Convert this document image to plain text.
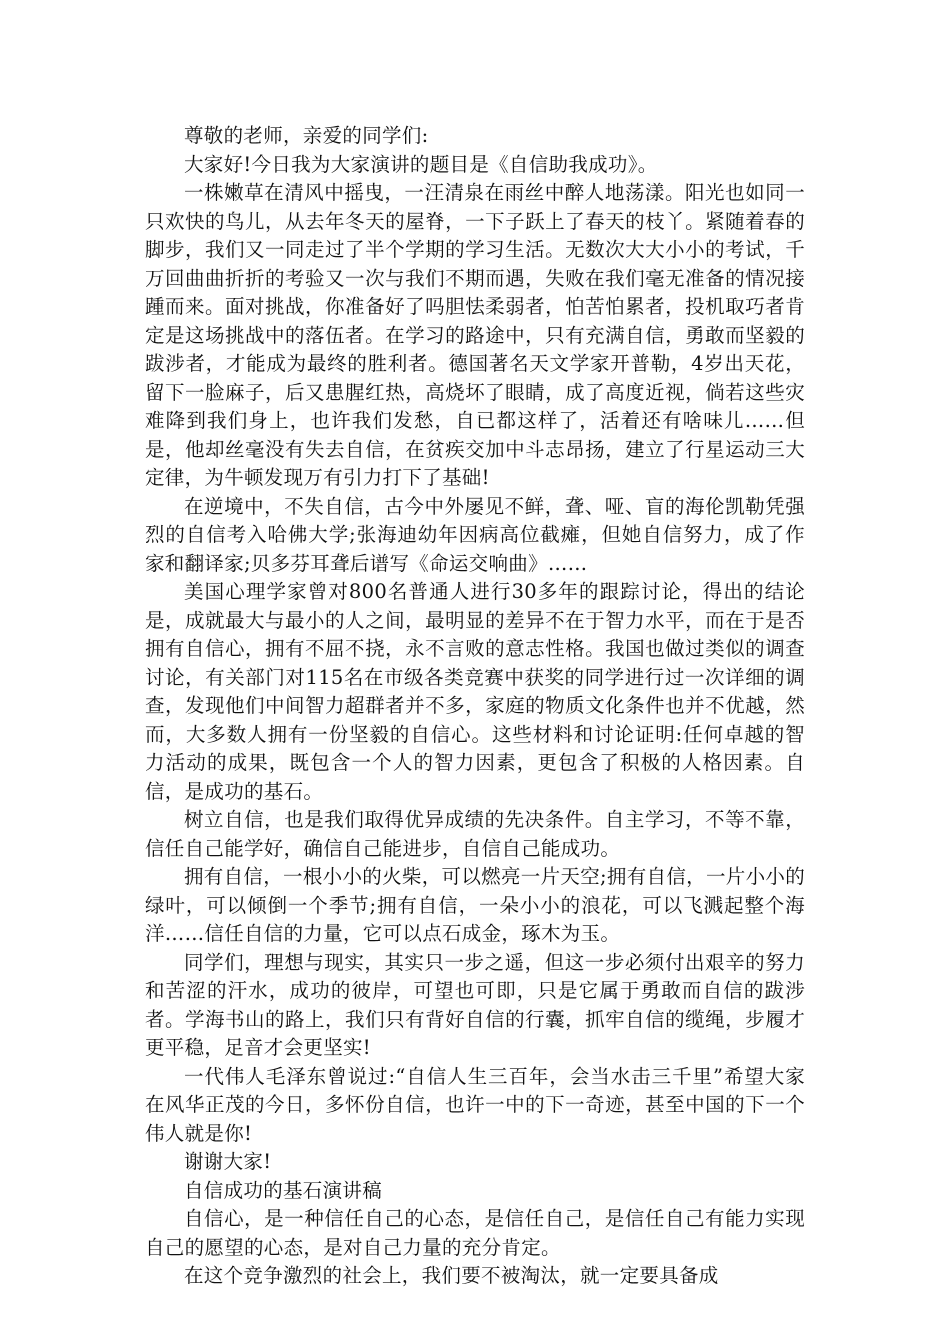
尊敬的老师，亲爱的同学们:

大家好!今日我为大家演讲的题目是《自信助我成功》。

一株嫩草在清风中摇曳，一汪清泉在雨丝中醉人地荡漾。阳光也如同一只欢快的鸟儿，从去年冬天的屋脊，一下子跃上了春天的枝丫。紧随着春的脚步，我们又一同走过了半个学期的学习生活。无数次大大小小的考试，千万回曲曲折折的考验又一次与我们不期而遇，失败在我们毫无准备的情况接踵而来。面对挑战，你准备好了吗胆怯柔弱者，怕苦怕累者，投机取巧者肯定是这场挑战中的落伍者。在学习的路途中，只有充满自信，勇敢而坚毅的跋涉者，才能成为最终的胜利者。德国著名天文学家开普勒，4岁出天花，留下一脸麻子，后又患腥红热，高烧坏了眼睛，成了高度近视，倘若这些灾难降到我们身上，也许我们发愁，自已都这样了，活着还有啥味儿……但是，他却丝毫没有失去自信，在贫疾交加中斗志昂扬，建立了行星运动三大定律，为牛顿发现万有引力打下了基础!

在逆境中，不失自信，古今中外屡见不鲜，聋、哑、盲的海伦凯勒凭强烈的自信考入哈佛大学;张海迪幼年因病高位截瘫，但她自信努力，成了作家和翻译家;贝多芬耳聋后谱写《命运交响曲》……

美国心理学家曾对800名普通人进行30多年的跟踪讨论，得出的结论是，成就最大与最小的人之间，最明显的差异不在于智力水平，而在于是否拥有自信心，拥有不屈不挠，永不言败的意志性格。我国也做过类似的调查讨论，有关部门对115名在市级各类竞赛中获奖的同学进行过一次详细的调查，发现他们中间智力超群者并不多，家庭的物质文化条件也并不优越，然而，大多数人拥有一份坚毅的自信心。这些材料和讨论证明:任何卓越的智力活动的成果，既包含一个人的智力因素，更包含了积极的人格因素。自信，是成功的基石。

树立自信，也是我们取得优异成绩的先决条件。自主学习，不等不靠，信任自己能学好，确信自己能进步，自信自己能成功。

拥有自信，一根小小的火柴，可以燃亮一片天空;拥有自信，一片小小的绿叶，可以倾倒一个季节;拥有自信，一朵小小的浪花，可以飞溅起整个海洋……信任自信的力量，它可以点石成金，琢木为玉。

同学们，理想与现实，其实只一步之遥，但这一步必须付出艰辛的努力和苦涩的汗水，成功的彼岸，可望也可即，只是它属于勇敢而自信的跋涉者。学海书山的路上，我们只有背好自信的行囊，抓牢自信的缆绳，步履才更平稳，足音才会更坚实!

一代伟人毛泽东曾说过:“自信人生三百年，会当水击三千里”希望大家在风华正茂的今日，多怀份自信，也许一中的下一奇迹，甚至中国的下一个伟人就是你!

谢谢大家!

自信成功的基石演讲稿

自信心，是一种信任自己的心态，是信任自己，是信任自己有能力实现自己的愿望的心态，是对自己力量的充分肯定。

在这个竞争激烈的社会上，我们要不被淘汰，就一定要具备成
